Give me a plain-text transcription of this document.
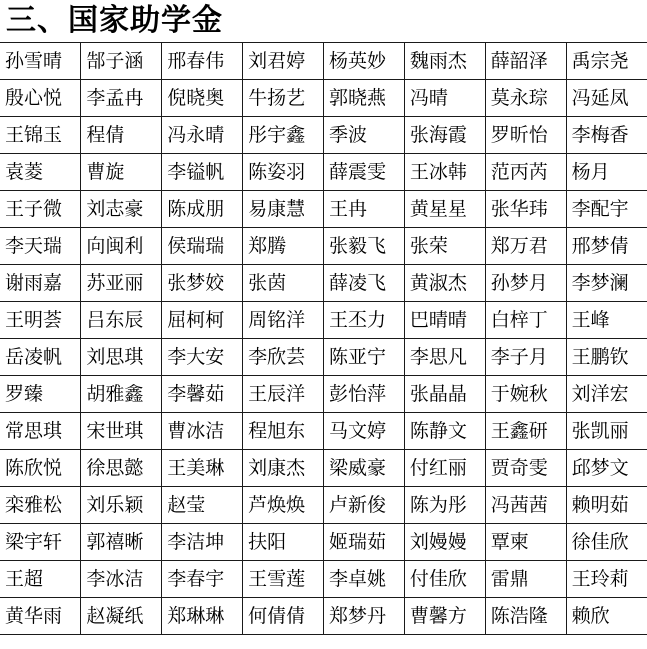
三、国家助学金
孙雪晴	郜子涵	邢春伟	刘君婷	杨英妙	魏雨杰	薛韶泽	禹宗尧
殷心悦	李孟冉	倪晓奥	牛扬艺	郭晓燕	冯晴	莫永琮	冯延凤
王锦玉	程倩	冯永晴	彤宇鑫	季波	张海霞	罗昕怡	李梅香
袁菱	曹旋	李镒帆	陈姿羽	薛震雯	王冰韩	范丙芮	杨月
王子微	刘志豪	陈成朋	易康慧	王冉	黄星星	张华玮	李配宇
李天瑞	向闽利	侯瑞瑞	郑腾	张毅飞	张荣	郑万君	邢梦倩
谢雨嘉	苏亚丽	张梦姣	张茵	薛凌飞	黄淑杰	孙梦月	李梦澜
王明荟	吕东辰	屈柯柯	周铭洋	王丕力	巴晴晴	白梓丁	王峰
岳凌帆	刘思琪	李大安	李欣芸	陈亚宁	李思凡	李子月	王鹏钦
罗臻	胡雅鑫	李馨茹	王辰洋	彭怡萍	张晶晶	于婉秋	刘洋宏
常思琪	宋世琪	曹冰洁	程旭东	马文婷	陈静文	王鑫研	张凯丽
陈欣悦	徐思懿	王美琳	刘康杰	梁威豪	付红丽	贾奇雯	邱梦文
栾雅松	刘乐颖	赵莹	芦焕焕	卢新俊	陈为彤	冯茜茜	赖明茹
梁宇轩	郭禧晰	李洁坤	扶阳	姬瑞茹	刘嫚嫚	覃柬	徐佳欣
王超	李冰洁	李春宇	王雪莲	李卓姚	付佳欣	雷鼎	王玲莉
黄华雨	赵凝纸	郑琳琳	何倩倩	郑梦丹	曹馨方	陈浩隆	赖欣
